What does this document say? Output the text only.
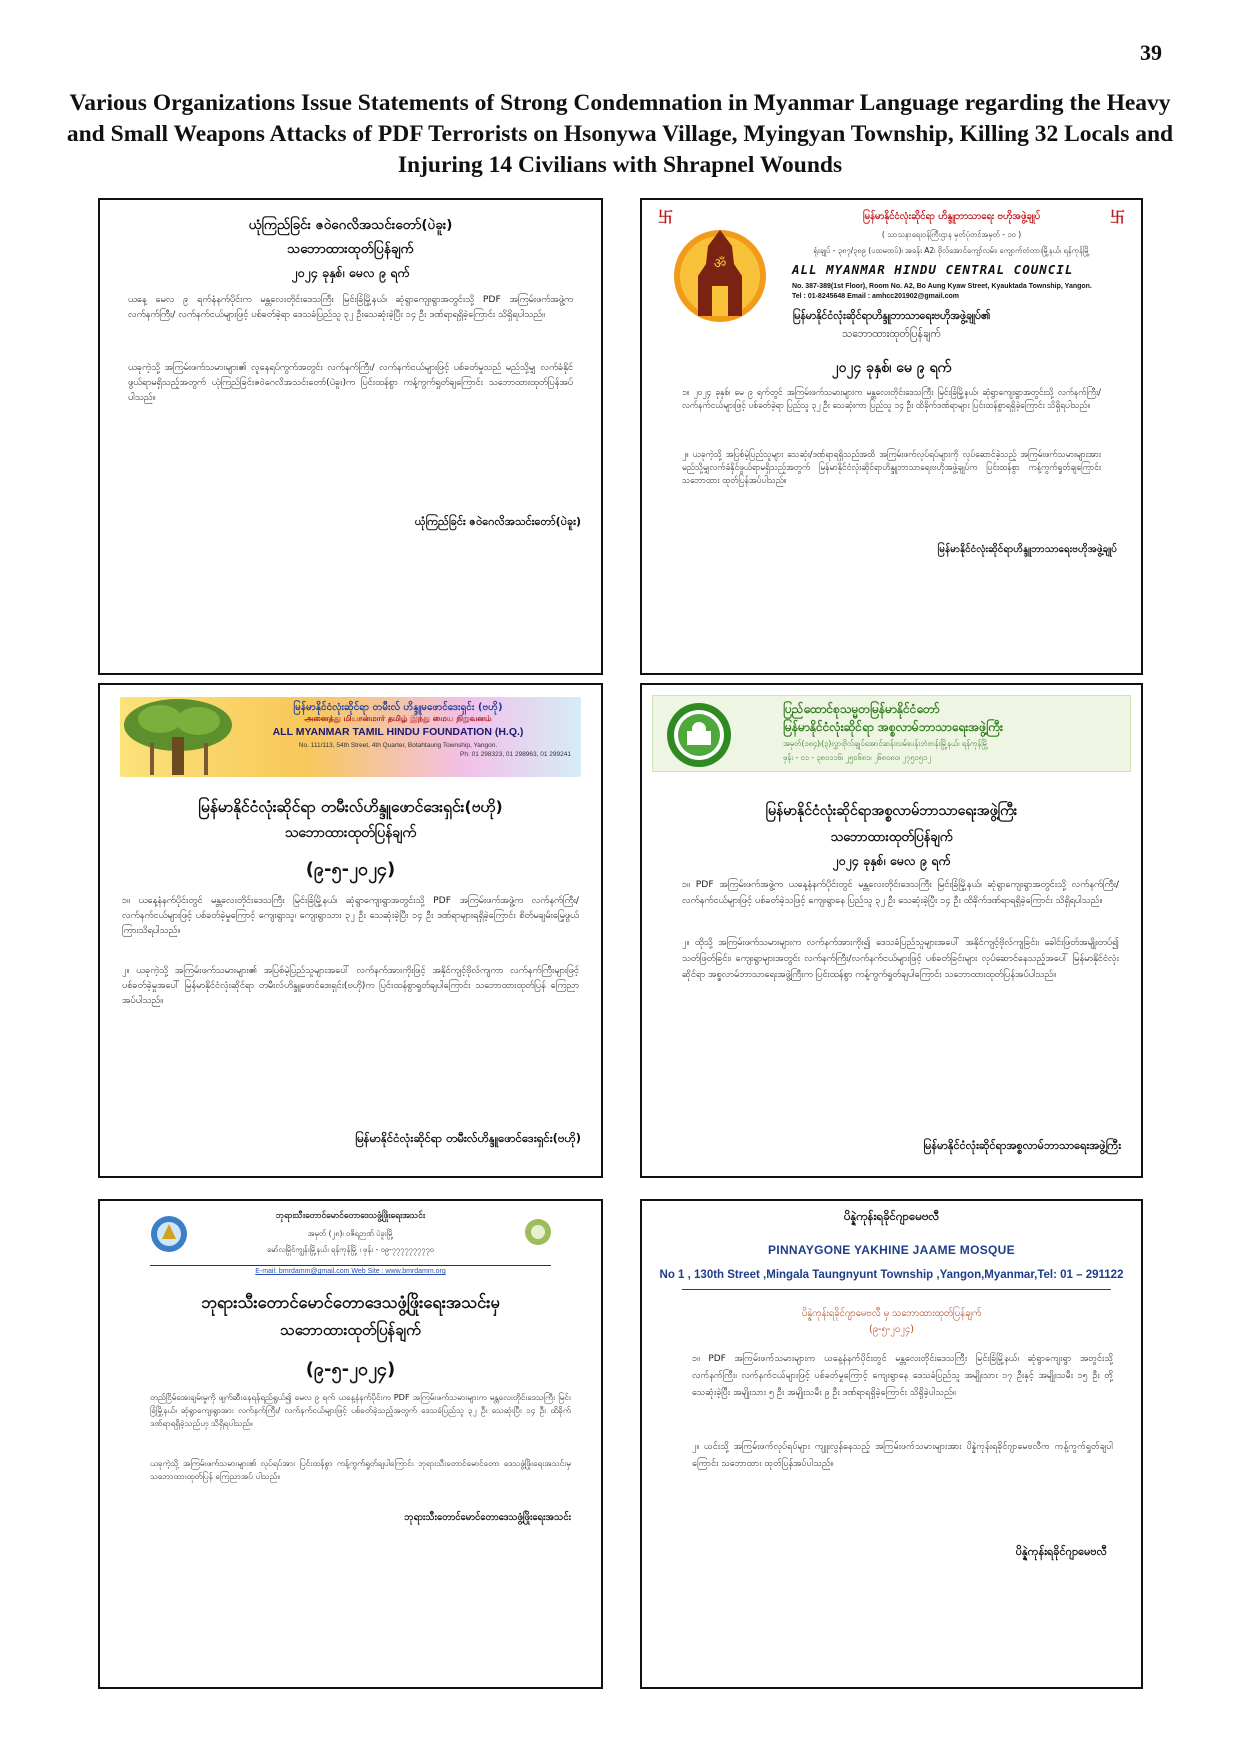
39
Various Organizations Issue Statements of Strong Condemnation in Myanmar Language regarding the Heavy and Small Weapons Attacks of PDF Terrorists on Hsonywa Village, Myingyan Township, Killing 32 Locals and Injuring 14 Civilians with Shrapnel Wounds
ယုံကြည်ခြင်း ဇဝဲဂေလိအသင်းတော်(ပဲခူး)
သဘောထားထုတ်ပြန်ချက်
၂၀၂၄ ခုနှစ်၊ မေလ ၉ ရက်
ယနေ့ မေလ ၉ ရက်နံနက်ပိုင်းက မန္တလေးတိုင်းဒေသကြီး မြင်းခြံမြို့နယ်၊ ဆုံရွာကျေးရွာအတွင်းသို့ PDF အကြမ်းဖက်အဖွဲ့က လက်နက်ကြီး/ လက်နက်ငယ်များဖြင့် ပစ်ခတ်ခဲ့ရာ ဒေသခံပြည်သူ ၃၂ ဦးသေဆုံးခဲ့ပြီး ၁၄ ဦး ဒဏ်ရာရရှိခဲ့ကြောင်း သိရှိရပါသည်။
ယခုကဲ့သို့ အကြမ်းဖက်သမားများ၏ လူနေရပ်ကွက်အတွင်း လက်နက်ကြီး/ လက်နက်ငယ်များဖြင့် ပစ်ခတ်မှုသည် မည်သို့မျှ လက်ခံနိုင်ဖွယ်ရာမရှိသည့်အတွက် ယုံကြည်ခြင်းဇဝဲဂေလိအသင်းတော်(ပဲခူး)က ပြင်းထန်စွာ ကန့်ကွက်ရှုတ်ချကြောင်း သဘောထားထုတ်ပြန်အပ်ပါသည်။
ယုံကြည်ခြင်း ဇဝဲဂေလိအသင်းတော်(ပဲခူး)
卐	卐
ॐ
မြန်မာနိုင်ငံလုံးဆိုင်ရာ ဟိန္ဒူဘာသာရေး ဗဟိုအဖွဲ့ချုပ်
( သာသနာရေးဝန်ကြီးဌာန မှတ်ပုံတင်အမှတ် - ၁၀ )
ရုံးချုပ် - ၃၈၇/၃၈၉ (ပထမထပ်)၊ အခန်း A2၊ ဗိုလ်အောင်ကျော်လမ်း၊ ကျောက်တံတားမြို့နယ်၊ ရန်ကုန်မြို့
ALL MYANMAR HINDU CENTRAL COUNCIL
No. 387-389(1st Floor), Room No. A2, Bo Aung Kyaw Street, Kyauktada Township, Yangon.
Tel : 01-8245648 Email : amhcc201902@gmail.com
မြန်မာနိုင်ငံလုံးဆိုင်ရာဟိန္ဒူဘာသာရေးဗဟိုအဖွဲ့ချုပ်၏
သဘောထားထုတ်ပြန်ချက်
၂၀၂၄ ခုနှစ်၊ မေ ၉ ရက်
၁။ ၂၀၂၄ ခုနှစ်၊ မေ ၉ ရက်တွင် အကြမ်းဖက်သမားများက မန္တလေးတိုင်းဒေသကြီး မြင်းခြံမြို့နယ်၊ ဆုံရွာကျေးရွာအတွင်းသို့ လက်နက်ကြီး/လက်နက်ငယ်များဖြင့် ပစ်ခတ်ခဲ့ရာ ပြည်သူ ၃၂ ဦး သေဆုံးကာ ပြည်သူ ၁၄ ဦး ထိခိုက်ဒဏ်ရာများ ပြင်းထန်စွာရရှိခဲ့ကြောင်း သိရှိရပါသည်။
၂။ ယခုကဲ့သို့ အပြစ်မဲ့ပြည်သူများ သေဆုံး/ဒဏ်ရာရရှိသည်အထိ အကြမ်းဖက်လုပ်ရပ်များကို လုပ်ဆောင်ခဲ့သည့် အကြမ်းဖက်သမားများအား မည်သို့မျှလက်ခံနိုင်ဖွယ်ရာမရှိသည့်အတွက် မြန်မာနိုင်ငံလုံးဆိုင်ရာဟိန္ဒူဘာသာရေးဗဟိုအဖွဲ့ချုပ်က ပြင်းထန်စွာ ကန့်ကွက်ရှုတ်ချကြောင်း သဘောထား ထုတ်ပြန်အပ်ပါသည်။
မြန်မာနိုင်ငံလုံးဆိုင်ရာဟိန္ဒူဘာသာရေးဗဟိုအဖွဲ့ချုပ်
မြန်မာနိုင်ငံလုံးဆိုင်ရာ တမီးလ် ဟိန္ဒူမဖောင်ဒေးရှင်း (ဗဟို)
அனைத்து மியான்மார் தமிழ் இந்து மைய நிறுவனம்
ALL MYANMAR TAMIL HINDU FOUNDATION (H.Q.)
No. 111/113, 54th Street, 4th Quarter, Botahtaung Township, Yangon.
Ph: 01 298323, 01 298963, 01 299241
မြန်မာနိုင်ငံလုံးဆိုင်ရာ တမီးလ်ဟိန္ဒူဖောင်ဒေးရှင်း(ဗဟို)
သဘောထားထုတ်ပြန်ချက်
(၉-၅-၂၀၂၄)
၁။ ယနေ့နံနက်ပိုင်းတွင် မန္တလေးတိုင်းဒေသကြီး မြင်းခြံမြို့နယ်၊ ဆုံရွာကျေးရွာအတွင်းသို့ PDF အကြမ်းဖက်အဖွဲ့က လက်နက်ကြီး/လက်နက်ငယ်များဖြင့် ပစ်ခတ်ခဲ့မှုကြောင့် ကျေးရွာသူ၊ ကျေးရွာသား ၃၂ ဦး သေဆုံးခဲ့ပြီး ၁၄ ဦး ဒဏ်ရာများရရှိခဲ့ကြောင်း စိတ်မချမ်းမြေ့ဖွယ် ကြားသိရပါသည်။
၂။ ယခုကဲ့သို့ အကြမ်းဖက်သမားများ၏ အပြစ်မဲ့ပြည်သူများအပေါ် လက်နက်အားကိုးဖြင့် အနိုင်ကျင့်ဗိုလ်ကျကာ လက်နက်ကြီးများဖြင့် ပစ်ခတ်ခဲ့မှုအပေါ် မြန်မာနိုင်ငံလုံးဆိုင်ရာ တမီးလ်ဟိန္ဒူဖောင်ဒေးရှင်း(ဗဟို)က ပြင်းထန်စွာရှုတ်ချပါကြောင်း သဘောထားထုတ်ပြန် ကြေညာအပ်ပါသည်။
မြန်မာနိုင်ငံလုံးဆိုင်ရာ တမီးလ်ဟိန္ဒူဖောင်ဒေးရှင်း(ဗဟို)
ပြည်ထောင်စုသမ္မတမြန်မာနိုင်ငံတော်
မြန်မာနိုင်ငံလုံးဆိုင်ရာ အစ္စလာမ်ဘာသာရေးအဖွဲ့ကြီး
အမှတ်(၁၈၄)၊(၃)လွှာ၊ဗိုလ်ချုပ်အောင်ဆန်းလမ်း၊ပန်းဘဲတန်းမြို့နယ်၊ ရန်ကုန်မြို့
ဖုန်း - ၀၁ - ၃၈၀၁၁၆၊ ၂၅၀၆၈၁၊ ၂၆၈၀၈၀၊ ၂၇၅၁၅၁၂
မြန်မာနိုင်ငံလုံးဆိုင်ရာအစ္စလာမ်ဘာသာရေးအဖွဲ့ကြီး
သဘောထားထုတ်ပြန်ချက်
၂၀၂၄ ခုနှစ်၊ မေလ ၉ ရက်
၁။ PDF အကြမ်းဖက်အဖွဲ့က ယနေ့နံနက်ပိုင်းတွင် မန္တလေးတိုင်းဒေသကြီး မြင်းခြံမြို့နယ်၊ ဆုံရွာကျေးရွာအတွင်းသို့ လက်နက်ကြီး/လက်နက်ငယ်များဖြင့် ပစ်ခတ်ခဲ့သဖြင့် ကျေးရွာနေ ပြည်သူ ၃၂ ဦး သေဆုံးခဲ့ပြီး ၁၄ ဦး ထိခိုက်ဒဏ်ရာရရှိခဲ့ကြောင်း သိရှိရပါသည်။
၂။ ထိုသို့ အကြမ်းဖက်သမားများက လက်နက်အားကိုး၍ ဒေသခံပြည်သူများအပေါ် အနိုင်ကျင့်ဗိုလ်ကျခြင်း၊ ခေါင်းဖြတ်အမျိုးတပ်၍ သတ်ဖြတ်ခြင်း၊ ကျေးရွာများအတွင်း လက်နက်ကြီး/လက်နက်ငယ်များဖြင့် ပစ်ခတ်ခြင်းများ လုပ်ဆောင်နေသည့်အပေါ် မြန်မာနိုင်ငံလုံးဆိုင်ရာ အစ္စလာမ်ဘာသာရေးအဖွဲ့ကြီးက ပြင်းထန်စွာ ကန့်ကွက်ရှုတ်ချပါကြောင်း သဘောထားထုတ်ပြန်အပ်ပါသည်။
မြန်မာနိုင်ငံလုံးဆိုင်ရာအစ္စလာမ်ဘာသာရေးအဖွဲ့ကြီး
ဘုရားသီးတောင်မောင်တောဒေသဖွံ့ဖြိုးရေးအသင်း
အမှတ် (၂၈)၊ ဝဇိရဉာဏ် ပဲခူးမြို့
မော်လမြိုင်ကျွန်းမြို့နယ်၊ ရန်ကုန်မြို့ ၊ ဖုန်း - ၀၉-၇၇၇၇၇၇၇၇၇၀
E-mail: bmrdamm@gmail.com Web Site : www.bmrdamm.org
ဘုရားသီးတောင်မောင်တောဒေသဖွံ့ဖြိုးရေးအသင်းမှ
သဘောထားထုတ်ပြန်ချက်
(၉-၅-၂၀၂၄)
တည်ငြိမ်အေးချမ်းမှုကို ဖျက်ဆီးနေရန်ရည်ရွယ်၍ မေလ ၉ ရက် ယနေ့နံနက်ပိုင်းက PDF အကြမ်းဖက်သမားများက မန္တလေးတိုင်းဒေသကြီး မြင်းခြံမြို့နယ်၊ ဆုံရွာကျေးရွာအား လက်နက်ကြီး/ လက်နက်ငယ်များဖြင့် ပစ်ခတ်ခဲ့သည့်အတွက် ဒေသခံပြည်သူ ၃၂ ဦး သေဆုံးပြီး ၁၄ ဦး ထိခိုက်ဒဏ်ရာရရှိခဲ့သည်ဟု သိရှိရပါသည်။
ယခုကဲ့သို့ အကြမ်းဖက်သမားများ၏ လုပ်ရပ်အား ပြင်းထန်စွာ ကန့်ကွက်ရှုတ်ချပါကြောင်း ဘုရားသီးတောင်မောင်တော ဒေသဖွံ့ဖြိုးရေးအသင်းမှ သဘောထားထုတ်ပြန် ကြေညာအပ် ပါသည်။
ဘုရားသီးတောင်မောင်တောဒေသဖွံ့ဖြိုးရေးအသင်း
ပိန္နဲကုန်းရခိုင်ဂျာမေဗလီ
PINNAYGONE YAKHINE JAAME MOSQUE
No 1 , 130th Street ,Mingala Taungnyunt Township ,Yangon,Myanmar,Tel: 01 – 291122
ပိန္နဲကုန်းရခိုင်ဂျာမေဗလီ မှ သဘောထားထုတ်ပြန်ချက်
(၉-၅-၂၀၂၄)
၁။ PDF အကြမ်းဖက်သမားများက ယနေ့နံနက်ပိုင်းတွင် မန္တလေးတိုင်းဒေသကြီး မြင်းခြံမြို့နယ်၊ ဆုံရွာကျေးရွာ အတွင်းသို့ လက်နက်ကြီး၊ လက်နက်ငယ်များဖြင့် ပစ်ခတ်မှုကြောင့် ကျေးရွာနေ ဒေသခံပြည်သူ အမျိုးသား ၁၇ ဦးနှင့် အမျိုးသမီး ၁၅ ဦး တို့သေဆုံးခဲ့ပြီး အမျိုးသား ၅ ဦး အမျိုးသမီး ၉ ဦး ဒဏ်ရာရရှိခဲ့ကြောင်း သိရှိခဲ့ပါသည်။
၂။ ယင်းသို့ အကြမ်းဖက်လုပ်ရပ်များ ကျူးလွန်နေသည့် အကြမ်းဖက်သမားများအား ပိန္နဲကုန်းရခိုင်ဂျာမေဗလီက ကန့်ကွက်ရှုတ်ချပါကြောင်း သဘောထား ထုတ်ပြန်အပ်ပါသည်။
ပိန္နဲကုန်းရခိုင်ဂျာမေဗလီ
